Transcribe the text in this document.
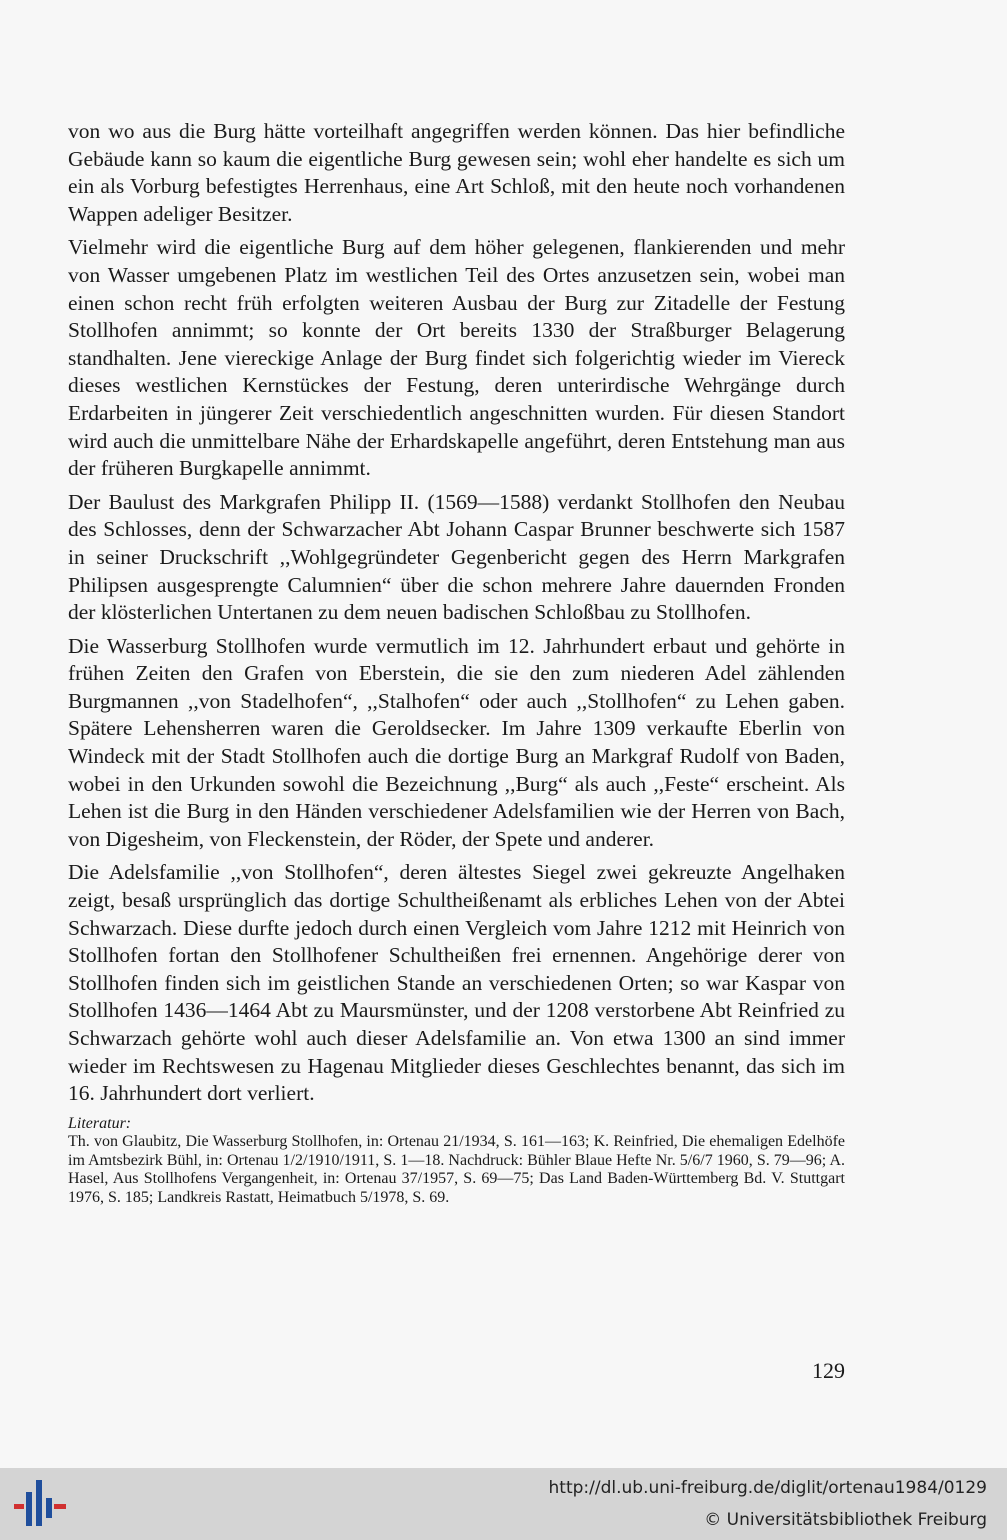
von wo aus die Burg hätte vorteilhaft angegriffen werden können. Das hier befindliche Gebäude kann so kaum die eigentliche Burg gewesen sein; wohl eher handelte es sich um ein als Vorburg befestigtes Herrenhaus, eine Art Schloß, mit den heute noch vorhandenen Wappen adeliger Besitzer.

Vielmehr wird die eigentliche Burg auf dem höher gelegenen, flankierenden und mehr von Wasser umgebenen Platz im westlichen Teil des Ortes anzusetzen sein, wobei man einen schon recht früh erfolgten weiteren Ausbau der Burg zur Zitadelle der Festung Stollhofen annimmt; so konnte der Ort bereits 1330 der Straßburger Belagerung standhalten. Jene viereckige Anlage der Burg findet sich folgerichtig wieder im Viereck dieses westlichen Kernstückes der Festung, deren unterirdische Wehrgänge durch Erdarbeiten in jüngerer Zeit verschiedentlich angeschnitten wurden. Für diesen Standort wird auch die unmittelbare Nähe der Erhardskapelle angeführt, deren Entstehung man aus der früheren Burgkapelle annimmt.

Der Baulust des Markgrafen Philipp II. (1569—1588) verdankt Stollhofen den Neubau des Schlosses, denn der Schwarzacher Abt Johann Caspar Brunner beschwerte sich 1587 in seiner Druckschrift ,,Wohlgegründeter Gegenbericht gegen des Herrn Markgrafen Philipsen ausgesprengte Calumnien“ über die schon mehrere Jahre dauernden Fronden der klösterlichen Untertanen zu dem neuen badischen Schloßbau zu Stollhofen.

Die Wasserburg Stollhofen wurde vermutlich im 12. Jahrhundert erbaut und gehörte in frühen Zeiten den Grafen von Eberstein, die sie den zum niederen Adel zählenden Burgmannen ,,von Stadelhofen“, ,,Stalhofen“ oder auch ,,Stollhofen“ zu Lehen gaben. Spätere Lehensherren waren die Geroldsecker. Im Jahre 1309 verkaufte Eberlin von Windeck mit der Stadt Stollhofen auch die dortige Burg an Markgraf Rudolf von Baden, wobei in den Urkunden sowohl die Bezeichnung ,,Burg“ als auch ,,Feste“ erscheint. Als Lehen ist die Burg in den Händen verschiedener Adelsfamilien wie der Herren von Bach, von Digesheim, von Fleckenstein, der Röder, der Spete und anderer.

Die Adelsfamilie ,,von Stollhofen“, deren ältestes Siegel zwei gekreuzte Angelhaken zeigt, besaß ursprünglich das dortige Schultheißenamt als erbliches Lehen von der Abtei Schwarzach. Diese durfte jedoch durch einen Vergleich vom Jahre 1212 mit Heinrich von Stollhofen fortan den Stollhofener Schultheißen frei ernennen. Angehörige derer von Stollhofen finden sich im geistlichen Stande an verschiedenen Orten; so war Kaspar von Stollhofen 1436—1464 Abt zu Maursmünster, und der 1208 verstorbene Abt Reinfried zu Schwarzach gehörte wohl auch dieser Adelsfamilie an. Von etwa 1300 an sind immer wieder im Rechtswesen zu Hagenau Mitglieder dieses Geschlechtes benannt, das sich im 16. Jahrhundert dort verliert.

Literatur:

Th. von Glaubitz, Die Wasserburg Stollhofen, in: Ortenau 21/1934, S. 161—163; K. Reinfried, Die ehemaligen Edelhöfe im Amtsbezirk Bühl, in: Ortenau 1/2/1910/1911, S. 1—18. Nachdruck: Bühler Blaue Hefte Nr. 5/6/7 1960, S. 79—96; A. Hasel, Aus Stollhofens Vergangenheit, in: Ortenau 37/1957, S. 69—75; Das Land Baden-Württemberg Bd. V. Stuttgart 1976, S. 185; Landkreis Rastatt, Heimatbuch 5/1978, S. 69.

129
http://dl.ub.uni-freiburg.de/diglit/ortenau1984/0129
© Universitätsbibliothek Freiburg
